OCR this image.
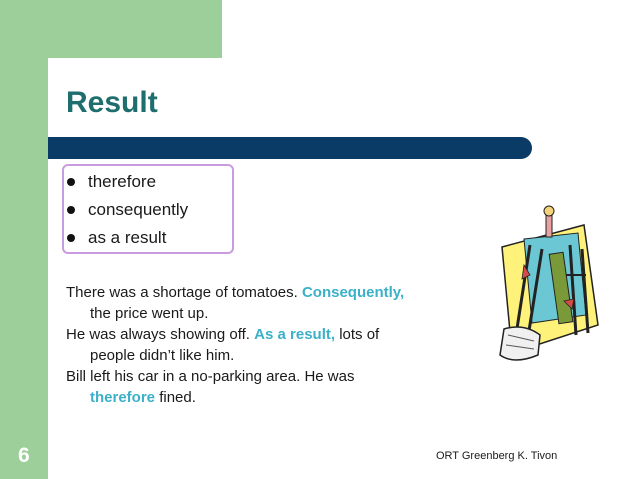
Result
therefore
consequently
as a result
There was a shortage of tomatoes. Consequently,
the price went up.
He was always showing off. As a result, lots of
people didn’t like him.
Bill left his car in a no-parking area. He was
therefore fined.
6	ORT Greenberg K. Tivon
